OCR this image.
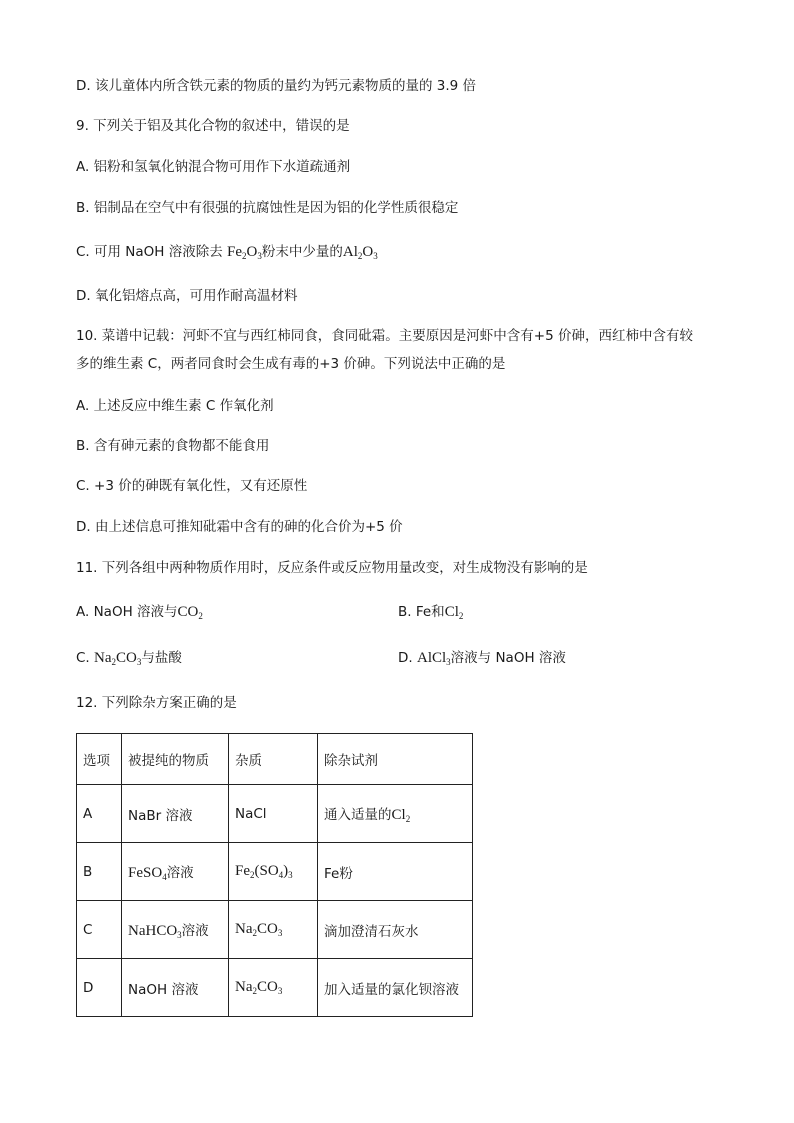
D. 该儿童体内所含铁元素的物质的量约为钙元素物质的量的 3.9 倍
9. 下列关于铝及其化合物的叙述中，错误的是
A. 铝粉和氢氧化钠混合物可用作下水道疏通剂
B. 铝制品在空气中有很强的抗腐蚀性是因为铝的化学性质很稳定
C. 可用 NaOH 溶液除去 $Fe_2O_3$粉末中少量的$Al_2O_3$
D. 氧化铝熔点高，可用作耐高温材料
10. 菜谱中记载：河虾不宜与西红柿同食，食同砒霜。主要原因是河虾中含有+5 价砷，西红柿中含有较
多的维生素 C，两者同食时会生成有毒的+3 价砷。下列说法中正确的是
A. 上述反应中维生素 C 作氧化剂
B. 含有砷元素的食物都不能食用
C. +3 价的砷既有氧化性，又有还原性
D. 由上述信息可推知砒霜中含有的砷的化合价为+5 价
11. 下列各组中两种物质作用时，反应条件或反应物用量改变，对生成物没有影响的是
A. NaOH 溶液与$CO_2$	B. Fe和$Cl_2$
C. $Na_2CO_3$与盐酸	D. AlCl$_3$溶液与 NaOH 溶液
12. 下列除杂方案正确的是
选项	被提纯的物质	杂质	除杂试剂
A	NaBr 溶液	NaCl	通入适量的$Cl_2$
B	FeSO$_4$溶液	$Fe_2(SO_4)_3$	Fe粉
C	NaHCO$_3$溶液	$Na_2CO_3$	滴加澄清石灰水
D	NaOH 溶液	$Na_2CO_3$	加入适量的氯化钡溶液
